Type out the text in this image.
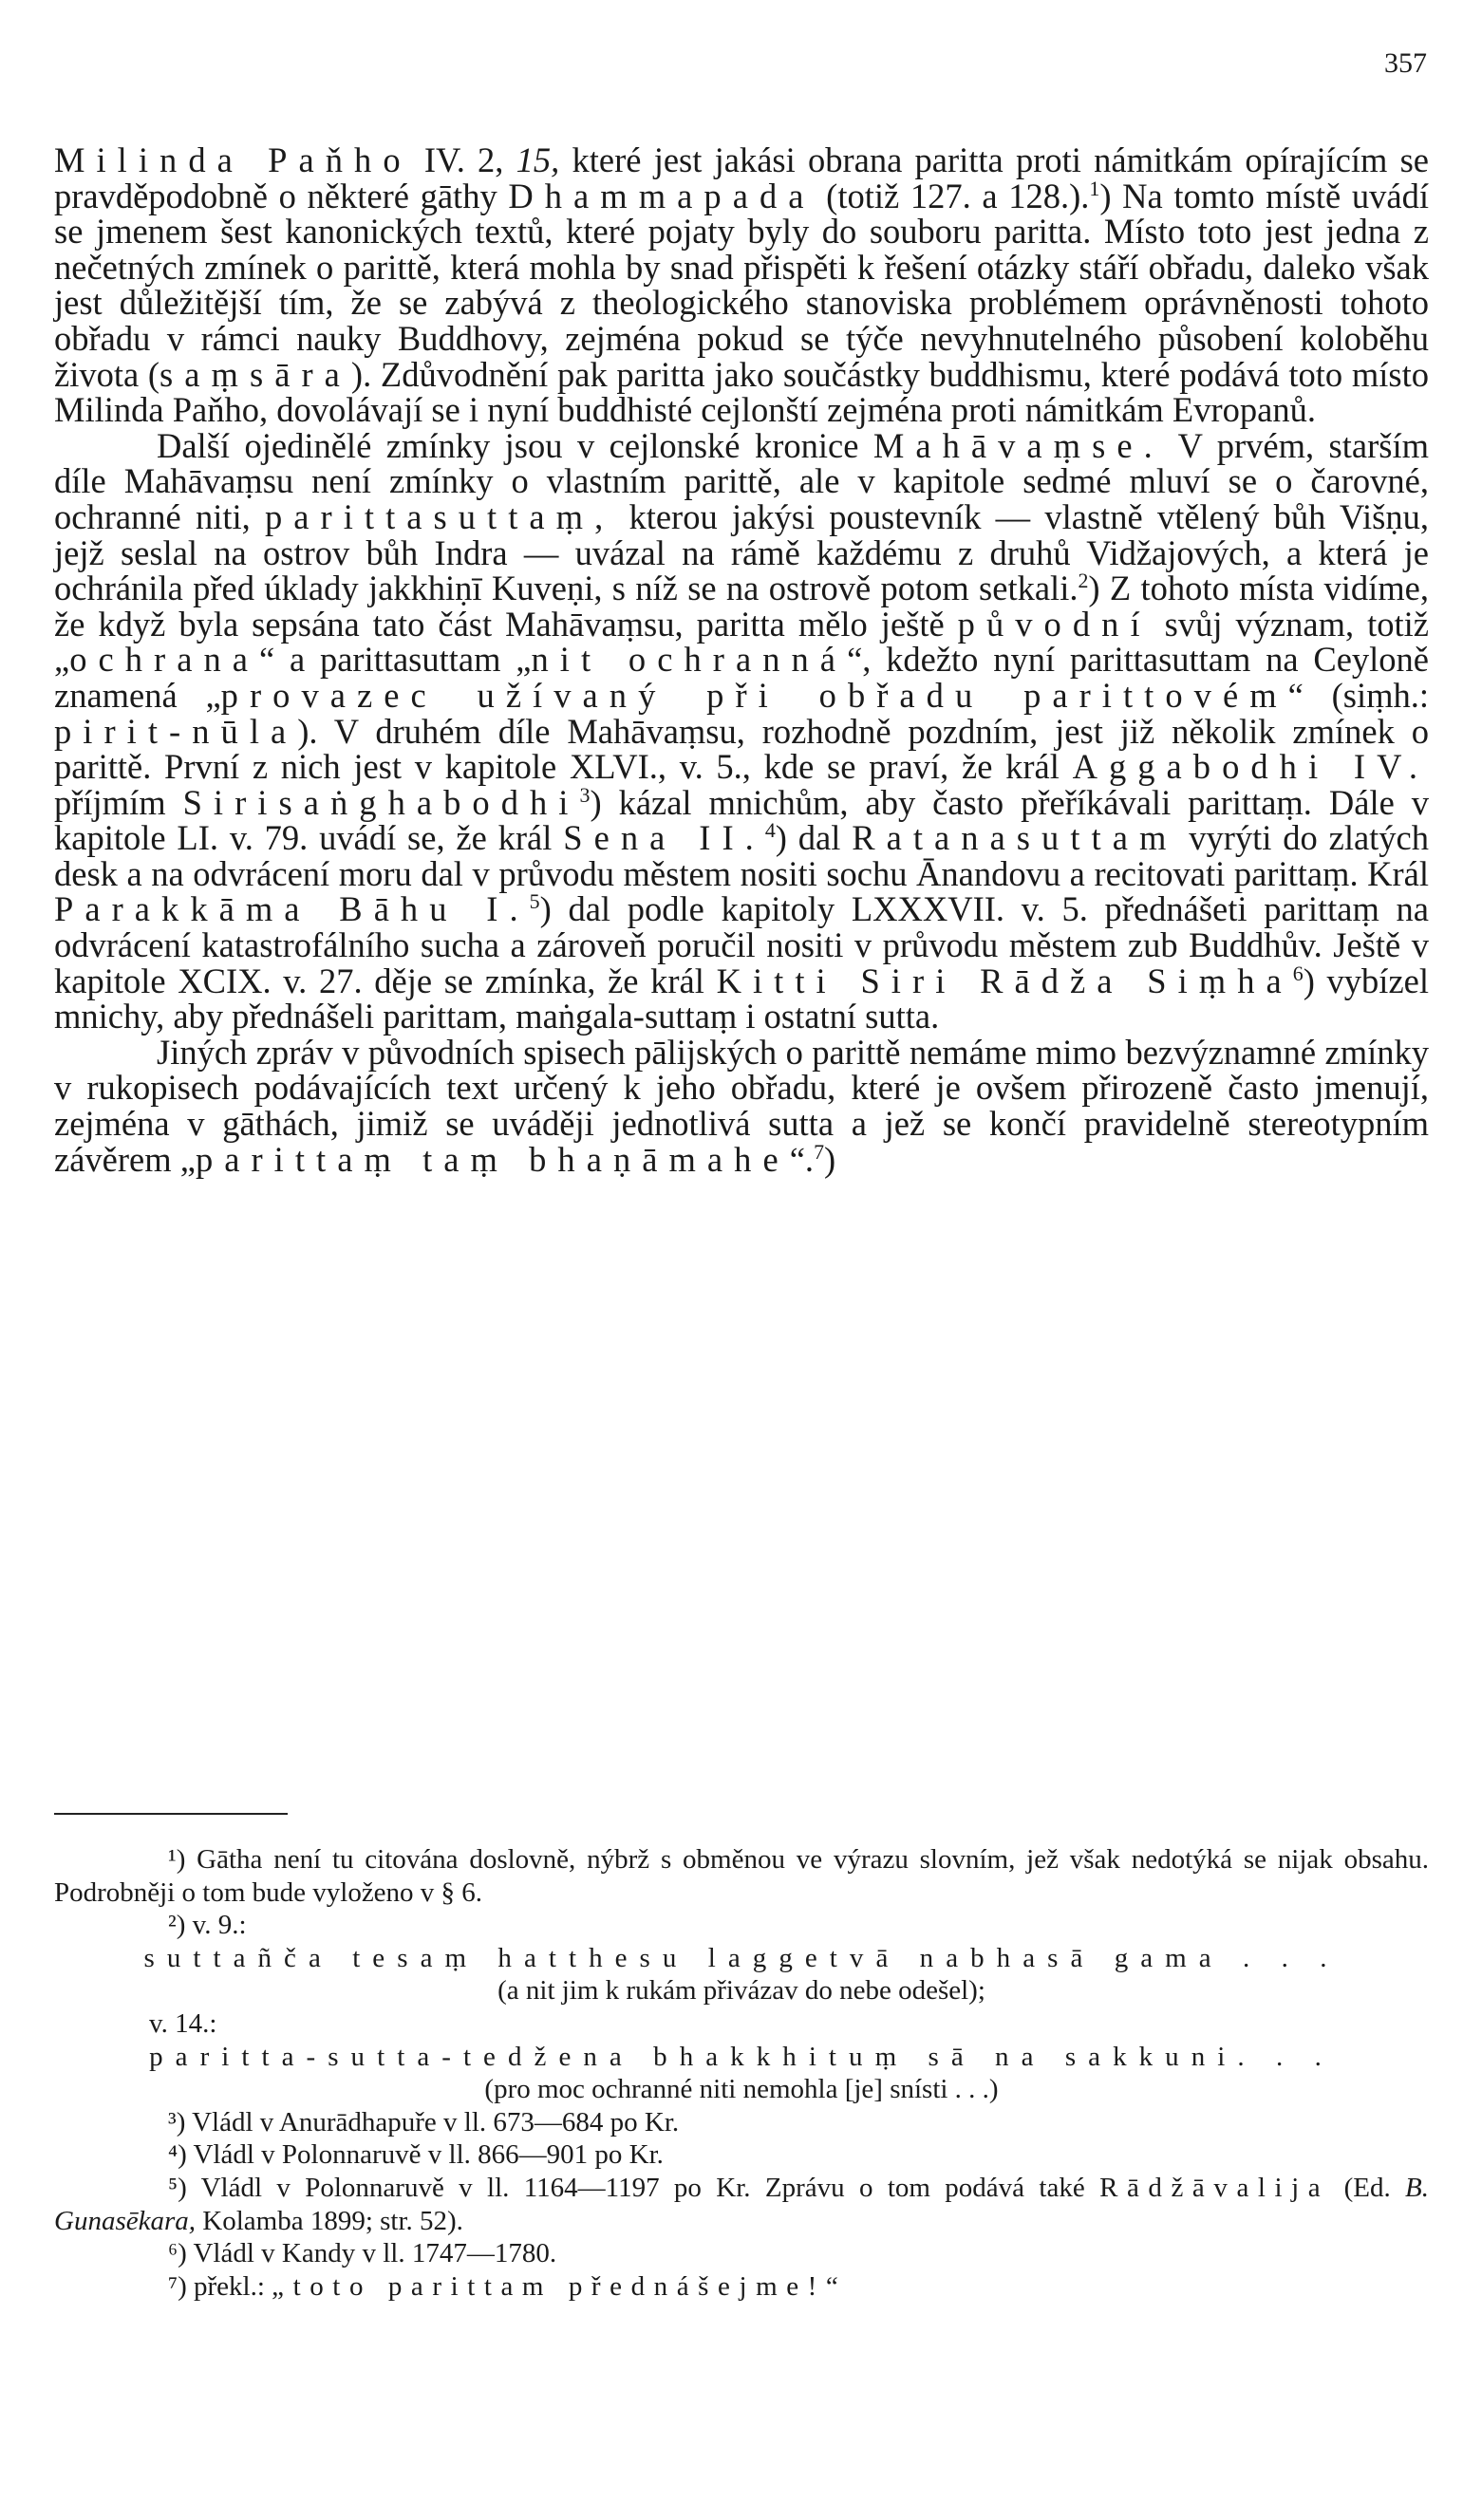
357

Milinda Paňho IV. 2, 15, které jest jakási obrana paritta proti námitkám opírajícím se pravděpodobně o některé gāthy Dhammapada (totiž 127. a 128.).$^1$) Na tomto místě uvádí se jmenem šest kanonických textů, které pojaty byly do souboru paritta. Místo toto jest jedna z nečetných zmínek o parittě, která mohla by snad přispěti k řešení otázky stáří obřadu, daleko však jest důležitější tím, že se zabývá z theologického stanoviska problémem oprávněnosti tohoto obřadu v rámci nauky Buddhovy, zejména pokud se týče nevyhnutelného působení koloběhu života (saṃsāra). Zdůvodnění pak paritta jako součástky buddhismu, které podává toto místo Milinda Paňho, dovolávají se i nyní buddhisté cejlonští zejména proti námitkám Evropanů.

Další ojedinělé zmínky jsou v cejlonské kronice Mahāvaṃse. V prvém, starším díle Mahāvaṃsu není zmínky o vlastním parittě, ale v kapitole sedmé mluví se o čarovné, ochranné niti, parittasuttaṃ, kterou jakýsi poustevník — vlastně vtělený bůh Višṇu, jejž seslal na ostrov bůh Indra — uvázal na rámě každému z druhů Vidžajových, a která je ochránila před úklady jakkhiṇī Kuveṇi, s níž se na ostrově potom setkali.$^2$) Z tohoto místa vidíme, že když byla sepsána tato část Mahāvaṃsu, paritta mělo ještě původní svůj význam, totiž „ochrana“ a parittasuttam „nit ochranná“, kdežto nyní parittasuttam na Ceyloně znamená „provazec užívaný při obřadu parittovém“ (siṃh.: pirit-nūla). V druhém díle Mahāvaṃsu, rozhodně pozdním, jest již několik zmínek o parittě. První z nich jest v kapitole XLVI., v. 5., kde se praví, že král Aggabodhi IV. příjmím Sirisaṅghabodhi$^3$) kázal mnichům, aby často přeříkávali parittaṃ. Dále v kapitole LI. v. 79. uvádí se, že král Sena II.$^4$) dal Ratanasuttam vyrýti do zlatých desk a na odvrácení moru dal v průvodu městem nositi sochu Ānandovu a recitovati parittaṃ. Král Parakkāma Bāhu I.$^5$) dal podle kapitoly LXXXVII. v. 5. přednášeti parittaṃ na odvrácení katastrofálního sucha a zároveň poručil nositi v průvodu městem zub Buddhův. Ještě v kapitole XCIX. v. 27. děje se zmínka, že král Kitti Siri Rādža Siṃha$^6$) vybízel mnichy, aby přednášeli parittam, maṅgala-suttaṃ i ostatní sutta.

Jiných zpráv v původních spisech pālijských o parittě nemáme mimo bezvýznamné zmínky v rukopisech podávajících text určený k jeho obřadu, které je ovšem přirozeně často jmenují, zejména v gāthách, jimiž se uváději jednotlivá sutta a jež se končí pravidelně stereotypním závěrem „parittaṃ taṃ bhaṇāmahe“.$^7$)

¹) Gātha není tu citována doslovně, nýbrž s obměnou ve výrazu slovním, jež však nedotýká se nijak obsahu. Podrobněji o tom bude vyloženo v § 6.

²) v. 9.:

suttañča tesaṃ hatthesu laggetvā nabhasā gama . . .

(a nit jim k rukám přivázav do nebe odešel);

v. 14.:

paritta-sutta-tedžena bhakkhituṃ sā na sakkuni. . .

(pro moc ochranné niti nemohla [je] snísti . . .)

³) Vládl v Anurādhapuře v ll. 673—684 po Kr.

⁴) Vládl v Polonnaruvě v ll. 866—901 po Kr.

⁵) Vládl v Polonnaruvě v ll. 1164—1197 po Kr. Zprávu o tom podává také Rādžāvalija (Ed. B. Gunasēkara, Kolamba 1899; str. 52).

⁶) Vládl v Kandy v ll. 1747—1780.

⁷) překl.: „toto parittam přednášejme!“
